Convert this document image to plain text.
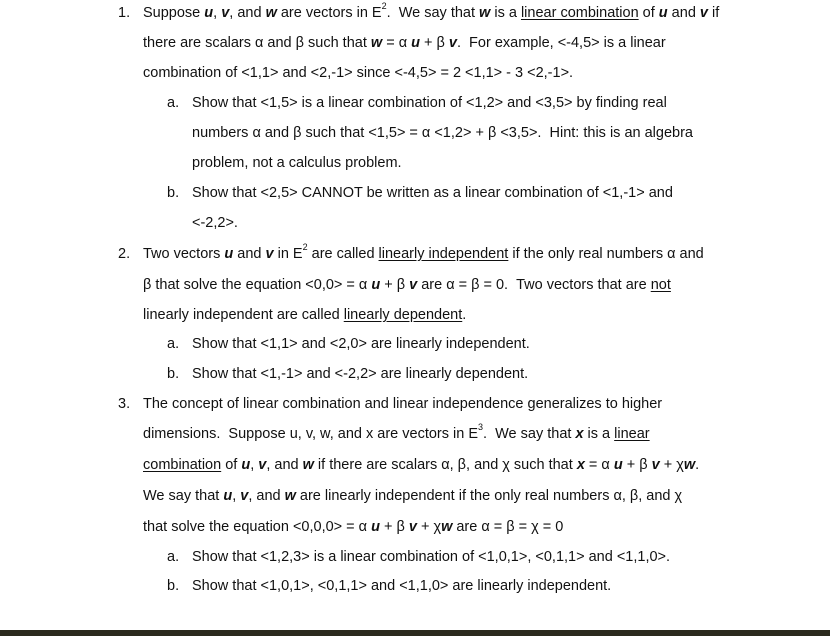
1. Suppose u, v, and w are vectors in $E^2$.  We say that w is a linear combination of u and v if
there are scalars α and β such that w = α u + β v.  For example, <-4,5> is a linear
combination of <1,1> and <2,-1> since <-4,5> = 2 <1,1> - 3 <2,-1>.
a. Show that <1,5> is a linear combination of <1,2> and <3,5> by finding real
numbers α and β such that <1,5> = α <1,2> + β <3,5>.  Hint: this is an algebra
problem, not a calculus problem.
b. Show that <2,5> CANNOT be written as a linear combination of <1,-1> and
<-2,2>.
2. Two vectors u and v in $E^2$ are called linearly independent if the only real numbers α and
β that solve the equation <0,0> = α u + β v are α = β = 0.  Two vectors that are not
linearly independent are called linearly dependent.
a. Show that <1,1> and <2,0> are linearly independent.
b. Show that <1,-1> and <-2,2> are linearly dependent.
3. The concept of linear combination and linear independence generalizes to higher
dimensions.  Suppose u, v, w, and x are vectors in $E^3$.  We say that x is a linear
combination of u, v, and w if there are scalars α, β, and χ such that x = α u + β v + χw.
We say that u, v, and w are linearly independent if the only real numbers α, β, and χ
that solve the equation <0,0,0> = α u + β v + χw are α = β = χ = 0
a. Show that <1,2,3> is a linear combination of <1,0,1>, <0,1,1> and <1,1,0>.
b. Show that <1,0,1>, <0,1,1> and <1,1,0> are linearly independent.
